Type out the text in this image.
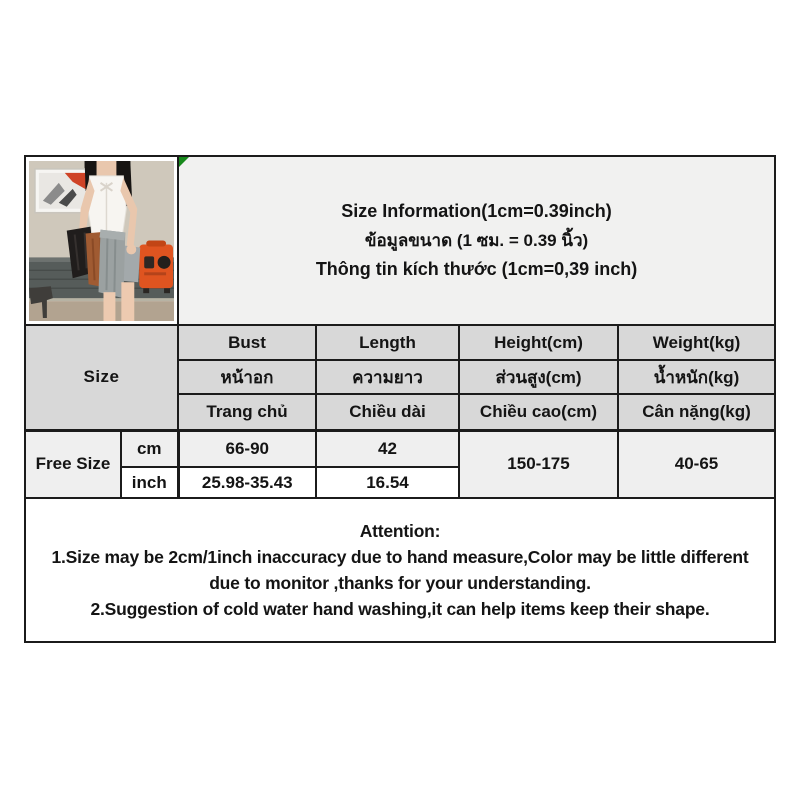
Size Information(1cm=0.39inch)
ข้อมูลขนาด (1 ซม. = 0.39 นิ้ว)
Thông tin kích thước (1cm=0,39 inch)			

Size		Bust	Length	Height(cm)	Weight(kg)
		หน้าอก	ความยาว	ส่วนสูง(cm)	น้ำหนัก(kg)
		Trang chủ	Chiều dài	Chiều cao(cm)	Cân nặng(kg)
Free Size	cm	66-90	42	150-175	40-65
	inch	25.98-35.43	16.54		

Attention:
1.Size may be 2cm/1inch inaccuracy due to hand measure,Color may be little different
due to monitor ,thanks for your understanding.
2.Suggestion of cold water hand washing,it can help items keep their shape.					
